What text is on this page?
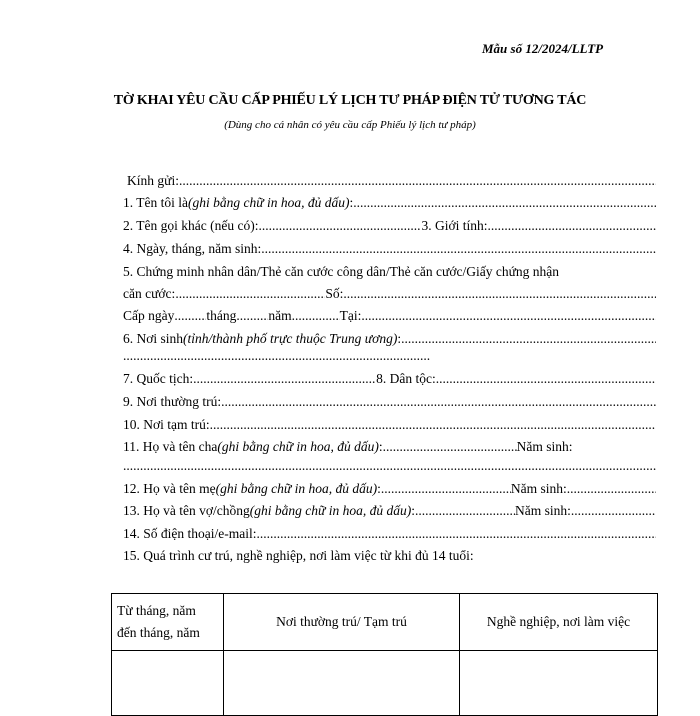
Mẫu số 12/2024/LLTP
TỜ KHAI YÊU CẦU CẤP PHIẾU LÝ LỊCH TƯ PHÁP ĐIỆN TỬ TƯƠNG TÁC
(Dùng cho cá nhân có yêu cầu cấp Phiếu lý lịch tư pháp)
Kính gửi:
.....
1. Tên tôi là (ghi bằng chữ in hoa, đủ dấu) :
.....
2. Tên gọi khác (nếu có): .....	3. Giới tính:
.....
4. Ngày, tháng, năm sinh:
.....
5. Chứng minh nhân dân/Thẻ căn cước công dân/Thẻ căn cước/Giấy chứng nhận
căn cước: .....	Số:
.....
Cấp ngày ..... tháng ..... năm .....	Tại:
.....
6. Nơi sinh (tỉnh/thành phố trực thuộc Trung ương) :
.....
.....
7. Quốc tịch: .....	8. Dân tộc:
.....
9. Nơi thường trú:
.....
10. Nơi tạm trú:
.....
11. Họ và tên cha (ghi bằng chữ in hoa, đủ dấu) : .....	Năm sinh:
.....
12. Họ và tên mẹ (ghi bằng chữ in hoa, đủ dấu) : .....	Năm sinh:
.....
13. Họ và tên vợ/chồng (ghi bằng chữ in hoa, đủ dấu) : .....	Năm sinh:
.....
14. Số điện thoại/e-mail:
.....
15. Quá trình cư trú, nghề nghiệp, nơi làm việc từ khi đủ 14 tuổi:
Từ tháng, năm đến tháng, năm	Nơi thường trú/ Tạm trú	Nghề nghiệp, nơi làm việc
